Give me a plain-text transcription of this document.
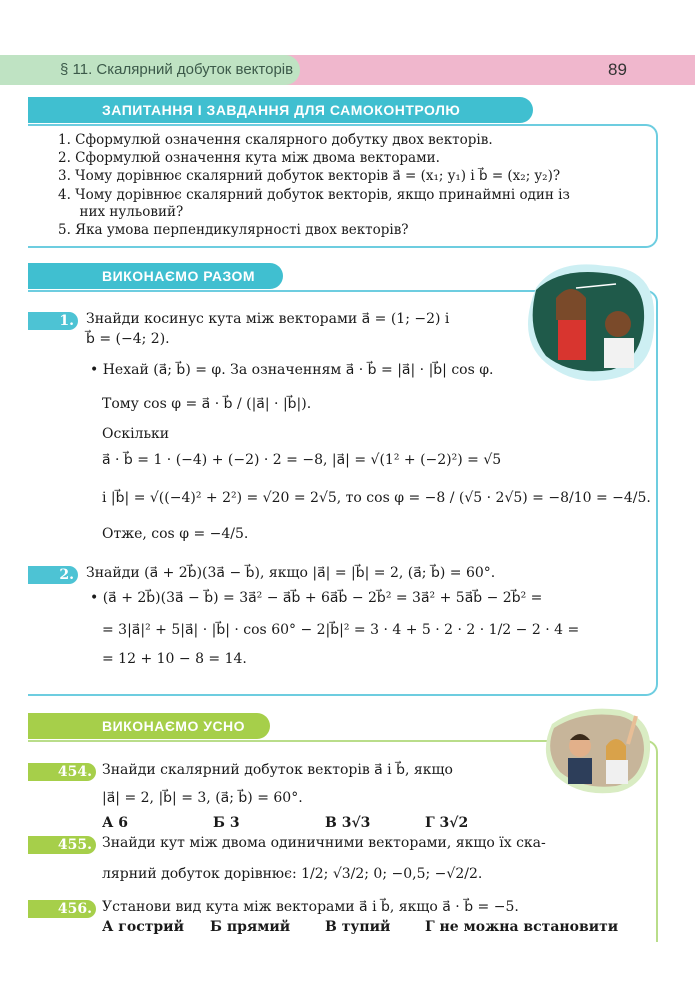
§ 11. Скалярний добуток векторів	89
ЗАПИТАННЯ І ЗАВДАННЯ ДЛЯ САМОКОНТРОЛЮ
1. Сформулюй означення скалярного добутку двох векторів.
2. Сформулюй означення кута між двома векторами.
3. Чому дорівнює скалярний добуток векторів a⃗ = (x₁; y₁) і b⃗ = (x₂; y₂)?
4. Чому дорівнює скалярний добуток векторів, якщо принаймні один із
них нульовий?
5. Яка умова перпендикулярності двох векторів?
ВИКОНАЄМО РАЗОМ
1. Знайди косинус кута між векторами a⃗ = (1; −2) і
b⃗ = (−4; 2).
• Нехай (a⃗; b⃗) = φ. За означенням a⃗ · b⃗ = |a⃗| · |b⃗| cos φ.
Тому cos φ = a⃗ · b⃗ / (|a⃗| · |b⃗|).
Оскільки
a⃗ · b⃗ = 1 · (−4) + (−2) · 2 = −8, |a⃗| = √(1² + (−2)²) = √5
і |b⃗| = √((−4)² + 2²) = √20 = 2√5, то cos φ = −8 / (√5 · 2√5) = −8/10 = −4/5.
Отже, cos φ = −4/5.
2. Знайди (a⃗ + 2b⃗)(3a⃗ − b⃗), якщо |a⃗| = |b⃗| = 2, (a⃗; b⃗) = 60°.
• (a⃗ + 2b⃗)(3a⃗ − b⃗) = 3a⃗² − a⃗b⃗ + 6a⃗b⃗ − 2b⃗² = 3a⃗² + 5a⃗b⃗ − 2b⃗² =
= 3|a⃗|² + 5|a⃗| · |b⃗| · cos 60° − 2|b⃗|² = 3 · 4 + 5 · 2 · 2 · 1/2 − 2 · 4 =
= 12 + 10 − 8 = 14.
ВИКОНАЄМО УСНО
454. Знайди скалярний добуток векторів a⃗ і b⃗, якщо
|a⃗| = 2, |b⃗| = 3, (a⃗; b⃗) = 60°.
А 6	Б 3	В 3√3	Г 3√2
455. Знайди кут між двома одиничними векторами, якщо їх ска-
лярний добуток дорівнює: 1/2; √3/2; 0; −0,5; −√2/2.
456. Установи вид кута між векторами a⃗ і b⃗, якщо a⃗ · b⃗ = −5.
А гострий Б прямий В тупий Г не можна встановити
